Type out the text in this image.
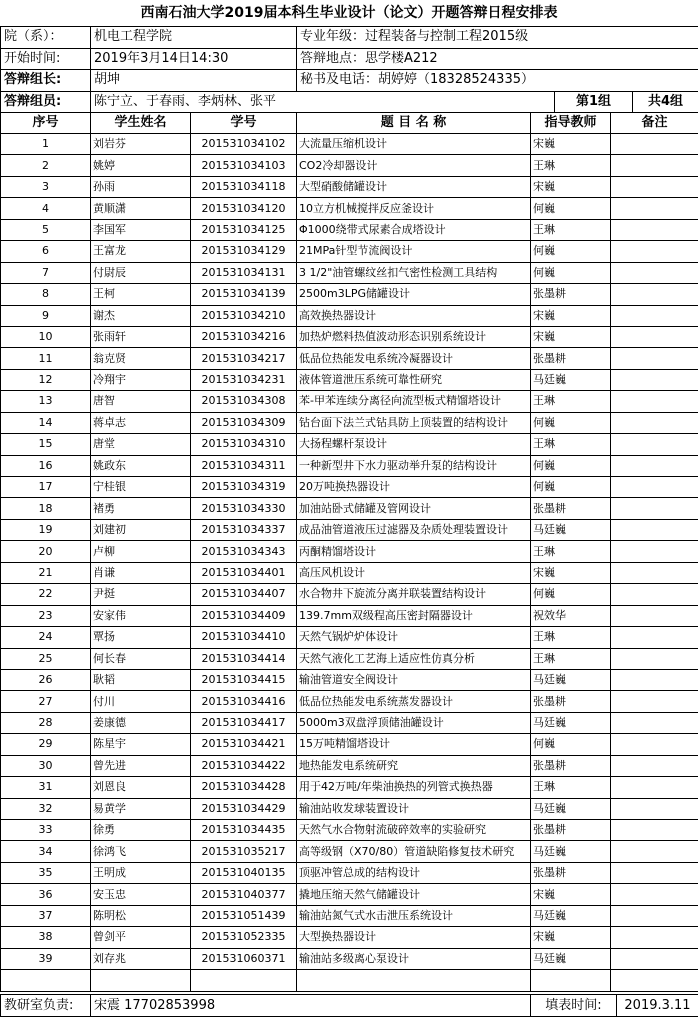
西南石油大学2019届本科生毕业设计（论文）开题答辩日程安排表
院（系）：	机电工程学院	专业年级：过程装备与控制工程2015级		
开始时间:	2019年3月14日14:30	答辩地点：思学楼A212		
答辩组长:	胡坤	秘书及电话：胡婷婷（18328524335）		
答辩组员:	陈宁立、于春雨、李炳林、张平		第1组	共4组
序号	学生姓名	学号	题 目 名 称	指导教师	备注
1	刘岩芬	201531034102	大流量压缩机设计	宋巍	
2	姚婷	201531034103	CO2冷却器设计	王琳	
3	孙雨	201531034118	大型硝酸储罐设计	宋巍	
4	黄顺潇	201531034120	10立方机械搅拌反应釜设计	何巍	
5	李国军	201531034125	Φ1000绕带式尿素合成塔设计	王琳	
6	王富龙	201531034129	21MPa针型节流阀设计	何巍	
7	付尉辰	201531034131	3 1/2"油管螺纹丝扣气密性检测工具结构	何巍	
8	王柯	201531034139	2500m3LPG储罐设计	张墨耕	
9	谢杰	201531034210	高效换热器设计	宋巍	
10	张雨轩	201531034216	加热炉燃料热值波动形态识别系统设计	宋巍	
11	翁克贤	201531034217	低品位热能发电系统冷凝器设计	张墨耕	
12	冷翔宇	201531034231	液体管道泄压系统可靠性研究	马廷巍	
13	唐智	201531034308	苯-甲苯连续分离径向流型板式精馏塔设计	王琳	
14	蒋卓志	201531034309	钻台面下法兰式钻具防上顶装置的结构设计	何巍	
15	唐堂	201531034310	大扬程螺杆泵设计	王琳	
16	姚政东	201531034311	一种新型井下水力驱动举升泵的结构设计	何巍	
17	宁桂银	201531034319	20万吨换热器设计	何巍	
18	褚勇	201531034330	加油站卧式储罐及管网设计	张墨耕	
19	刘建初	201531034337	成品油管道液压过滤器及杂质处理装置设计	马廷巍	
20	卢柳	201531034343	丙酮精馏塔设计	王琳	
21	肖谦	201531034401	高压风机设计	宋巍	
22	尹挺	201531034407	水合物井下旋流分离并联装置结构设计	何巍	
23	安家伟	201531034409	139.7mm双级程高压密封隔器设计	祝效华	
24	覃扬	201531034410	天然气锅炉炉体设计	王琳	
25	何长春	201531034414	天然气液化工艺海上适应性仿真分析	王琳	
26	耿韬	201531034415	输油管道安全阀设计	马廷巍	
27	付川	201531034416	低品位热能发电系统蒸发器设计	张墨耕	
28	姜康德	201531034417	5000m3双盘浮顶储油罐设计	马廷巍	
29	陈星宇	201531034421	15万吨精馏塔设计	何巍	
30	曾先进	201531034422	地热能发电系统研究	张墨耕	
31	刘恩良	201531034428	用于42万吨/年柴油换热的列管式换热器	王琳	
32	易黄学	201531034429	输油站收发球装置设计	马廷巍	
33	徐勇	201531034435	天然气水合物射流破碎效率的实验研究	张墨耕	
34	徐鸿飞	201531035217	高等级钢（X70/80）管道缺陷修复技术研究	马廷巍	
35	王明成	201531040135	顶驱冲管总成的结构设计	张墨耕	
36	安玉忠	201531040377	撬地压缩天然气储罐设计	宋巍	
37	陈明松	201531051439	输油站氮气式水击泄压系统设计	马廷巍	
38	曾剑平	201531052335	大型换热器设计	宋巍	
39	刘存兆	201531060371	输油站多级离心泵设计	马廷巍	

教研室负责:	宋震 17702853998	填表时间:	2019.3.11
